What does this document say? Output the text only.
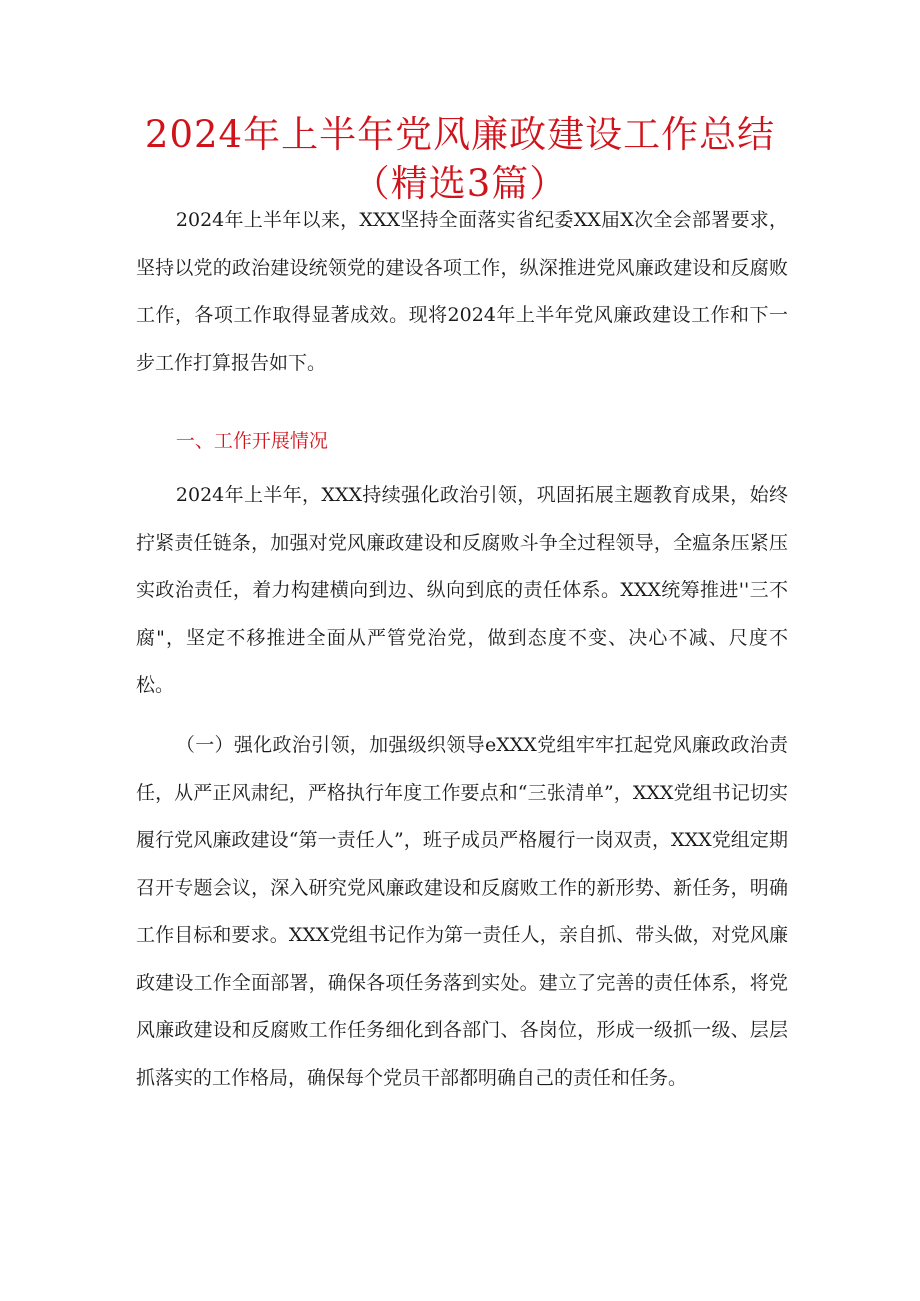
2024年上半年党风廉政建设工作总结
（精选3篇）

2024年上半年以来，XXX坚持全面落实省纪委XX届X次全会部署要求，坚持以党的政治建设统领党的建设各项工作，纵深推进党风廉政建设和反腐败工作，各项工作取得显著成效。现将2024年上半年党风廉政建设工作和下一步工作打算报告如下。

一、工作开展情况

2024年上半年，XXX持续强化政治引领，巩固拓展主题教育成果，始终拧紧责任链条，加强对党风廉政建设和反腐败斗争全过程领导，全瘟条压紧压实政治责任，着力构建横向到边、纵向到底的责任体系。XXX统筹推进''三不腐"，坚定不移推进全面从严管党治党，做到态度不变、决心不减、尺度不松。

（一）强化政治引领，加强级织领导eXXX党组牢牢扛起党风廉政政治责任，从严正风肃纪，严格执行年度工作要点和“三张清单”，XXX党组书记切实履行党风廉政建设“第一责任人”，班子成员严格履行一岗双责，XXX党组定期召开专题会议，深入研究党风廉政建设和反腐败工作的新形势、新任务，明确工作目标和要求。XXX党组书记作为第一责任人，亲自抓、带头做，对党风廉政建设工作全面部署，确保各项任务落到实处。建立了完善的责任体系，将党风廉政建设和反腐败工作任务细化到各部门、各岗位，形成一级抓一级、层层抓落实的工作格局，确保每个党员干部都明确自己的责任和任务。
